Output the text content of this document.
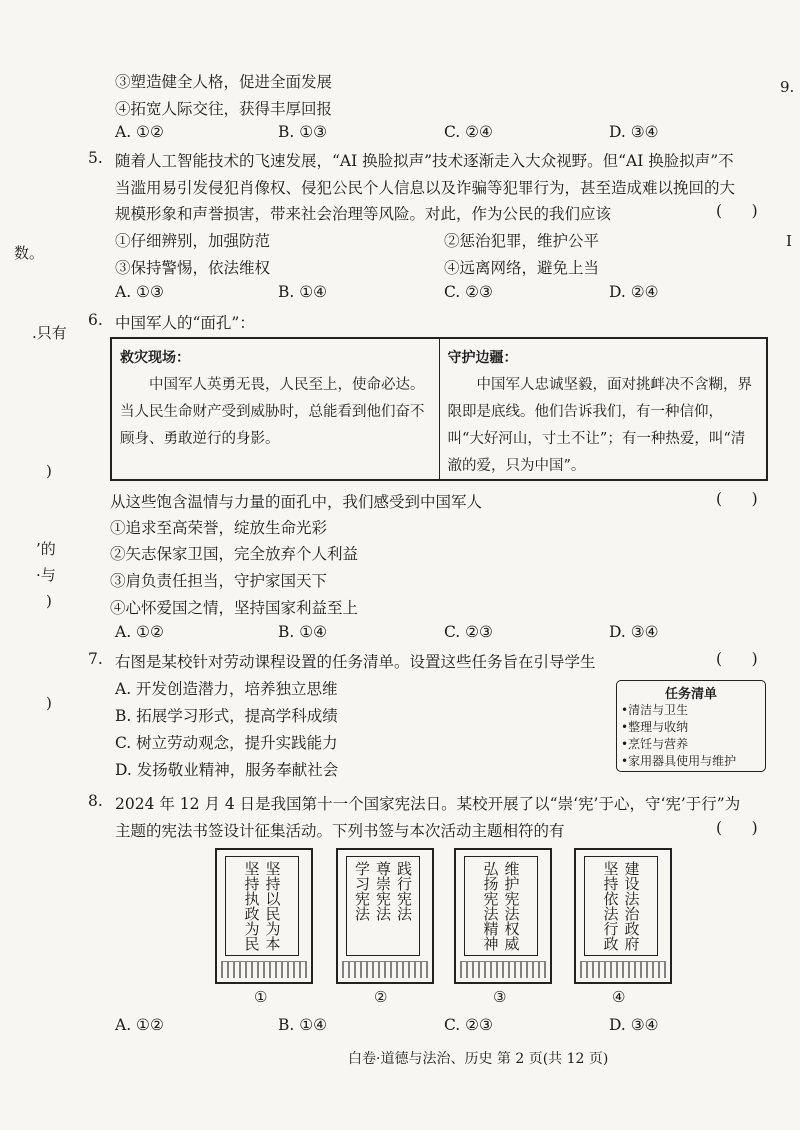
数。
.只有
)
’的
·与
)
)
9.
I
③塑造健全人格，促进全面发展
④拓宽人际交往，获得丰厚回报
A. ①②	B. ①③	C. ②④	D. ③④
5. 随着人工智能技术的飞速发展，“AI 换脸拟声”技术逐渐走入大众视野。但“AI 换脸拟声”不
当滥用易引发侵犯肖像权、侵犯公民个人信息以及诈骗等犯罪行为，甚至造成难以挽回的大
规模形象和声誉损害，带来社会治理等风险。对此，作为公民的我们应该	(      )
①仔细辨别，加强防范	②惩治犯罪，维护公平
③保持警惕，依法维权	④远离网络，避免上当
A. ①③	B. ①④	C. ②③	D. ②④
6. 中国军人的“面孔”：
救灾现场：
中国军人英勇无畏，人民至上，使命必达。当人民生命财产受到威胁时，总能看到他们奋不顾身、勇敢逆行的身影。
守护边疆：
中国军人忠诚坚毅，面对挑衅决不含糊，界限即是底线。他们告诉我们，有一种信仰，叫“大好河山，寸土不让”；有一种热爱，叫“清澈的爱，只为中国”。
从这些饱含温情与力量的面孔中，我们感受到中国军人	(      )
①追求至高荣誉，绽放生命光彩
②矢志保家卫国，完全放弃个人利益
③肩负责任担当，守护家国天下
④心怀爱国之情，坚持国家利益至上
A. ①②	B. ①④	C. ②③	D. ③④
7. 右图是某校针对劳动课程设置的任务清单。设置这些任务旨在引导学生	(      )
A. 开发创造潜力，培养独立思维
B. 拓展学习形式，提高学科成绩
C. 树立劳动观念，提升实践能力
D. 发扬敬业精神，服务奉献社会
任务清单
•清洁与卫生
•整理与收纳
•烹饪与营养
•家用器具使用与维护
8. 2024 年 12 月 4 日是我国第十一个国家宪法日。某校开展了以“崇‘宪’于心，守‘宪’于行”为
主题的宪法书签设计征集活动。下列书签与本次活动主题相符的有	(      )
坚持以民为本
坚持执政为民	践行宪法
尊崇宪法
学习宪法	维护宪法权威
弘扬宪法精神	建设法治政府
坚持依法行政
①	②	③	④
A. ①②	B. ①④	C. ②③	D. ③④
白卷·道德与法治、历史 第 2 页(共 12 页)
